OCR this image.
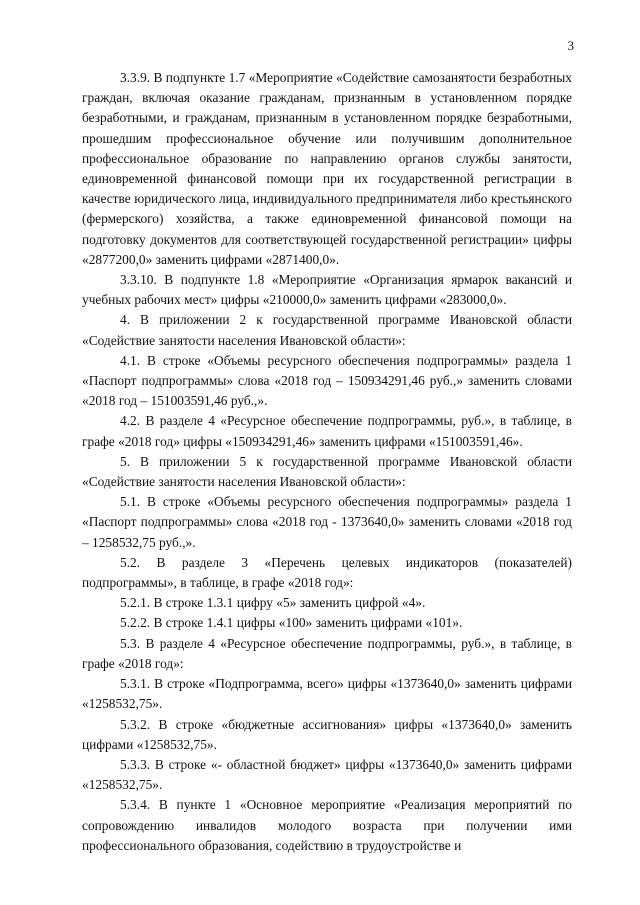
3

3.3.9. В подпункте 1.7 «Мероприятие «Содействие самозанятости безработных граждан, включая оказание гражданам, признанным в установленном порядке безработными, и гражданам, признанным в установленном порядке безработными, прошедшим профессиональное обучение или получившим дополнительное профессиональное образование по направлению органов службы занятости, единовременной финансовой помощи при их государственной регистрации в качестве юридического лица, индивидуального предпринимателя либо крестьянского (фермерского) хозяйства, а также единовременной финансовой помощи на подготовку документов для соответствующей государственной регистрации» цифры «2877200,0» заменить цифрами «2871400,0».

3.3.10. В подпункте 1.8 «Мероприятие «Организация ярмарок вакансий и учебных рабочих мест» цифры «210000,0» заменить цифрами «283000,0».

4. В приложении 2 к государственной программе Ивановской области «Содействие занятости населения Ивановской области»:

4.1. В строке «Объемы ресурсного обеспечения подпрограммы» раздела 1 «Паспорт подпрограммы» слова «2018 год – 150934291,46 руб.,» заменить словами «2018 год – 151003591,46 руб.,».

4.2. В разделе 4 «Ресурсное обеспечение подпрограммы, руб.», в таблице, в графе «2018 год» цифры «150934291,46» заменить цифрами «151003591,46».

5. В приложении 5 к государственной программе Ивановской области «Содействие занятости населения Ивановской области»:

5.1. В строке «Объемы ресурсного обеспечения подпрограммы» раздела 1 «Паспорт подпрограммы» слова «2018 год - 1373640,0» заменить словами «2018 год – 1258532,75 руб.,».

5.2. В разделе 3 «Перечень целевых индикаторов (показателей) подпрограммы», в таблице, в графе «2018 год»:

5.2.1. В строке 1.3.1 цифру «5» заменить цифрой «4».

5.2.2. В строке 1.4.1 цифры «100» заменить цифрами «101».

5.3. В разделе 4 «Ресурсное обеспечение подпрограммы, руб.», в таблице, в графе «2018 год»:

5.3.1. В строке «Подпрограмма, всего» цифры «1373640,0» заменить цифрами «1258532,75».

5.3.2. В строке «бюджетные ассигнования» цифры «1373640,0» заменить цифрами «1258532,75».

5.3.3. В строке «- областной бюджет» цифры «1373640,0» заменить цифрами «1258532,75».

5.3.4. В пункте 1 «Основное мероприятие «Реализация мероприятий по сопровождению инвалидов молодого возраста при получении ими профессионального образования, содействию в трудоустройстве и
